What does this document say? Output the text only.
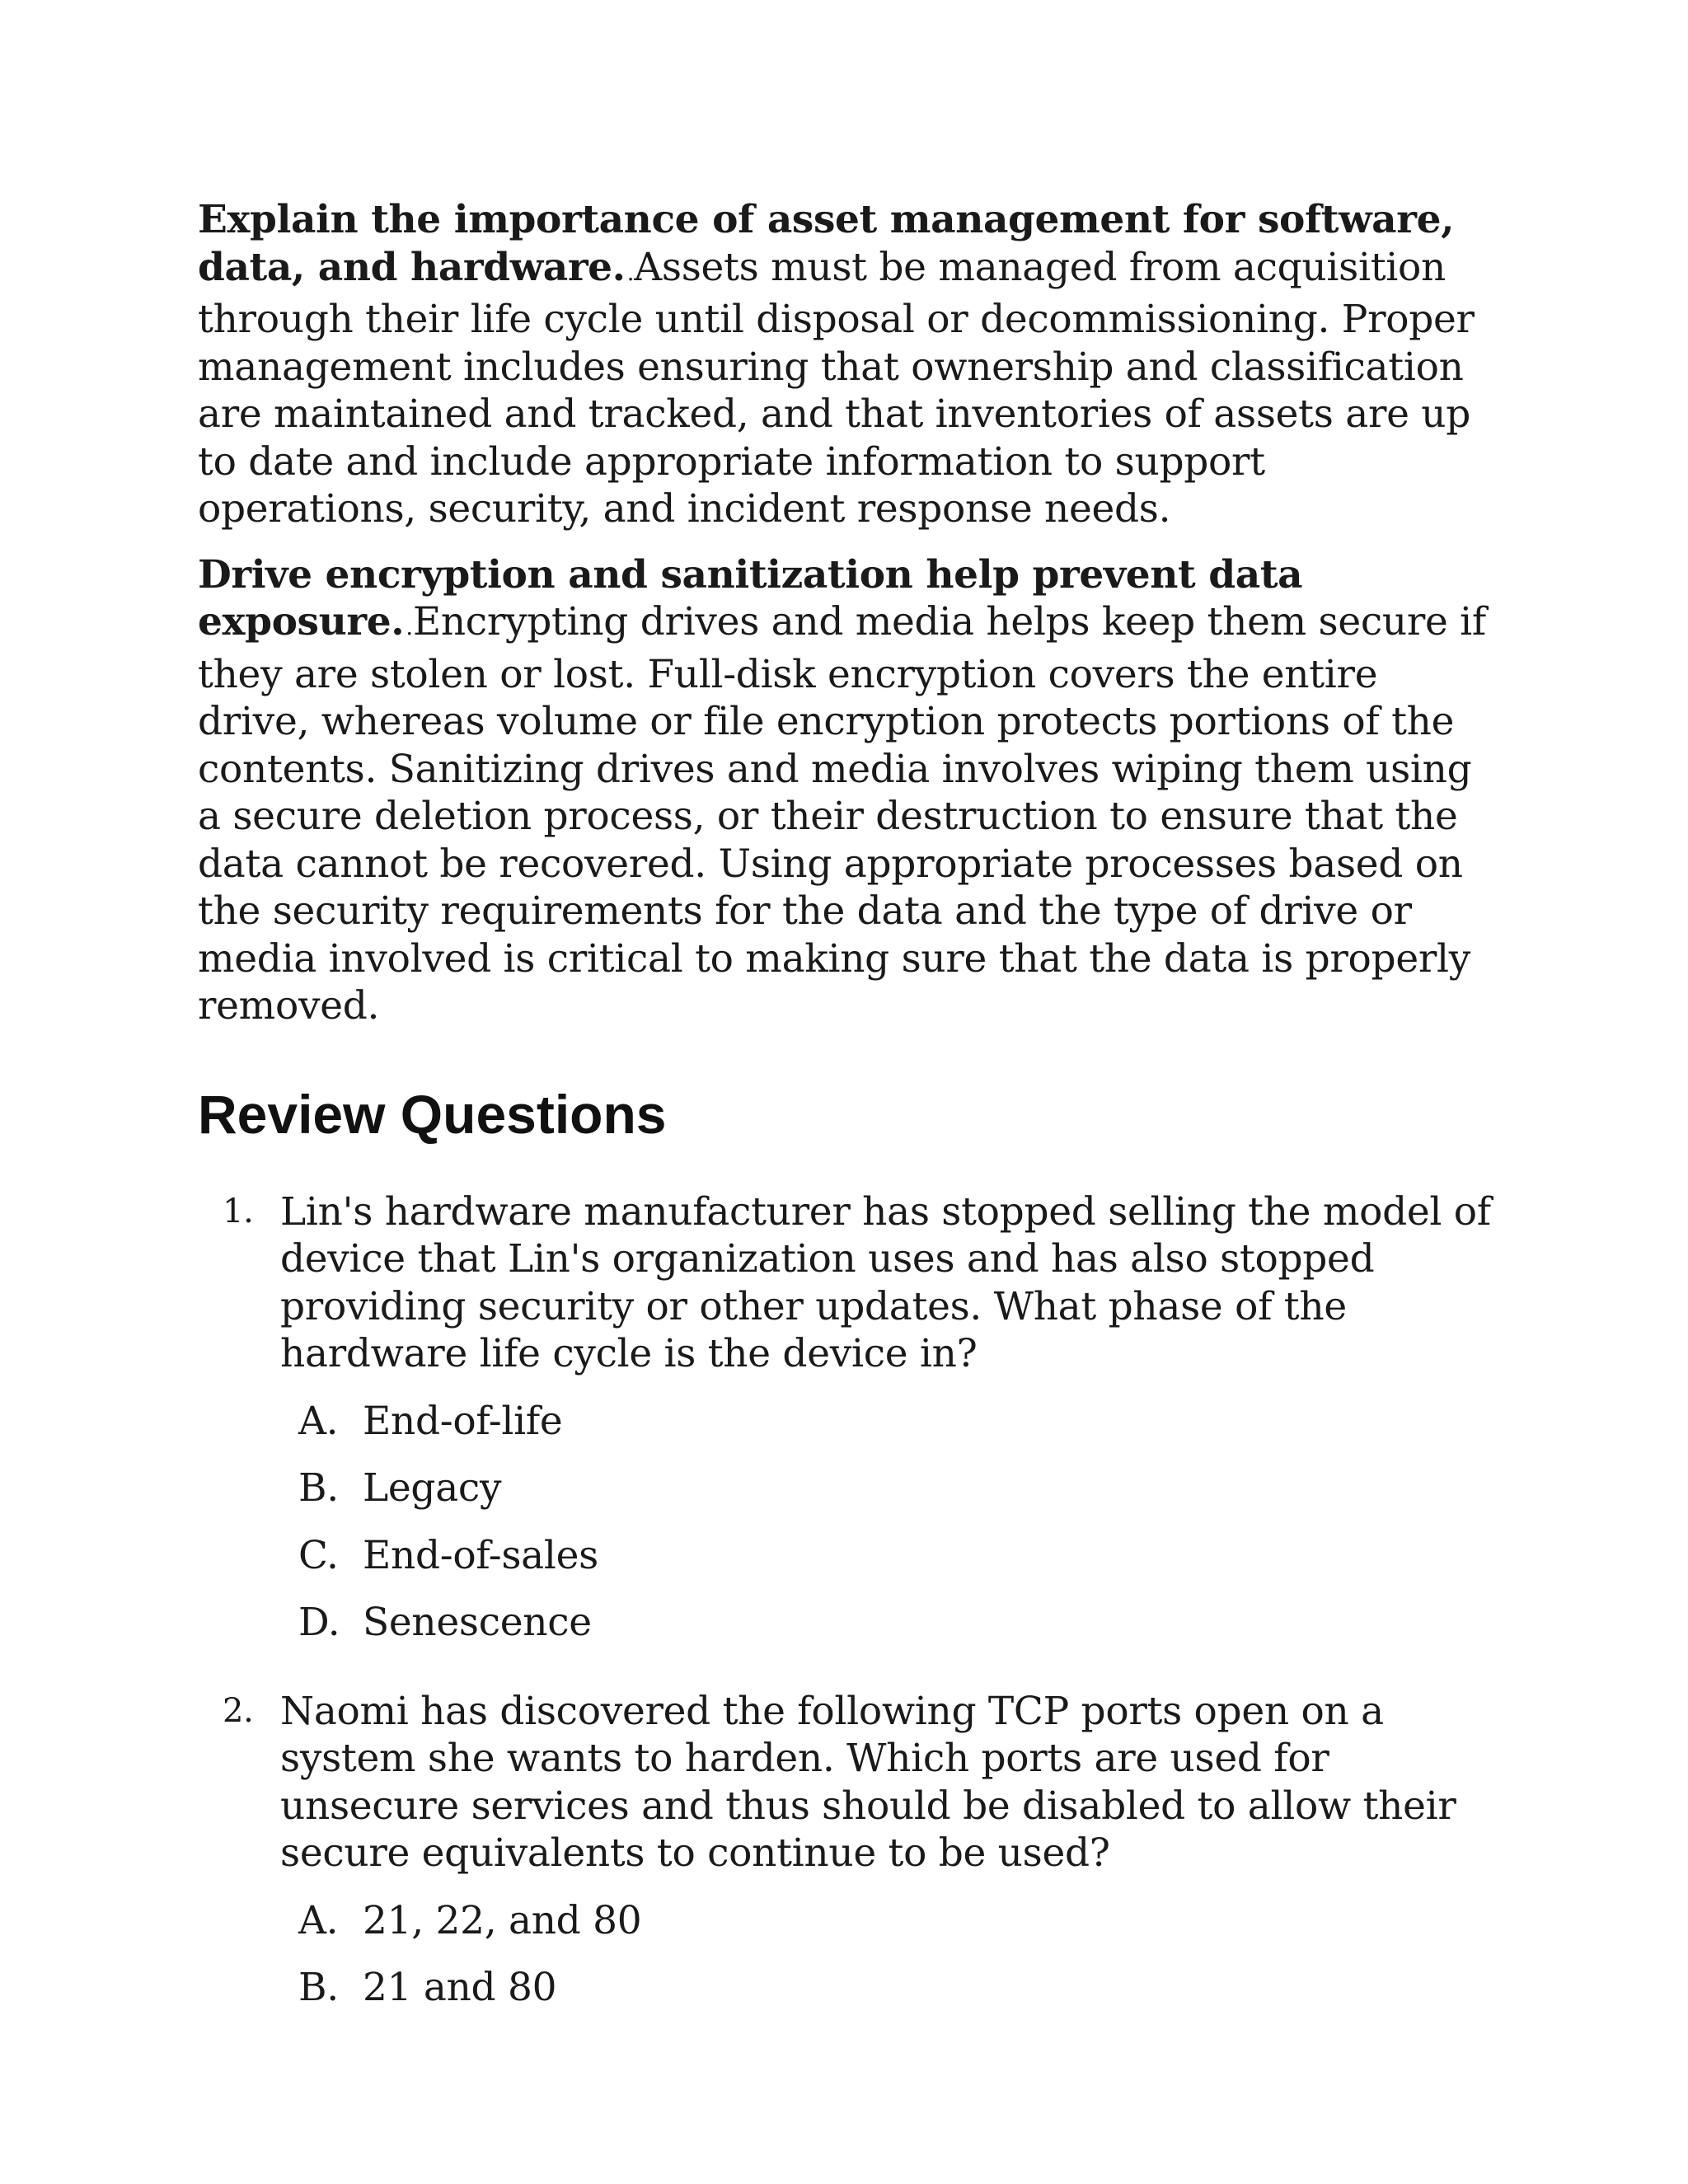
Explain the importance of asset management for software, data, and hardware..Assets must be managed from acquisition through their life cycle until disposal or decommissioning. Proper management includes ensuring that ownership and classification are maintained and tracked, and that inventories of assets are up to date and include appropriate information to support operations, security, and incident response needs.

Drive encryption and sanitization help prevent data exposure..Encrypting drives and media helps keep them secure if they are stolen or lost. Full-disk encryption covers the entire drive, whereas volume or file encryption protects portions of the contents. Sanitizing drives and media involves wiping them using a secure deletion process, or their destruction to ensure that the data cannot be recovered. Using appropriate processes based on the security requirements for the data and the type of drive or media involved is critical to making sure that the data is properly removed.

Review Questions
1. Lin's hardware manufacturer has stopped selling the model of device that Lin's organization uses and has also stopped providing security or other updates. What phase of the hardware life cycle is the device in?
A. End-of-life
B. Legacy
C. End-of-sales
D. Senescence
2. Naomi has discovered the following TCP ports open on a system she wants to harden. Which ports are used for unsecure services and thus should be disabled to allow their secure equivalents to continue to be used?
A. 21, 22, and 80
B. 21 and 80
